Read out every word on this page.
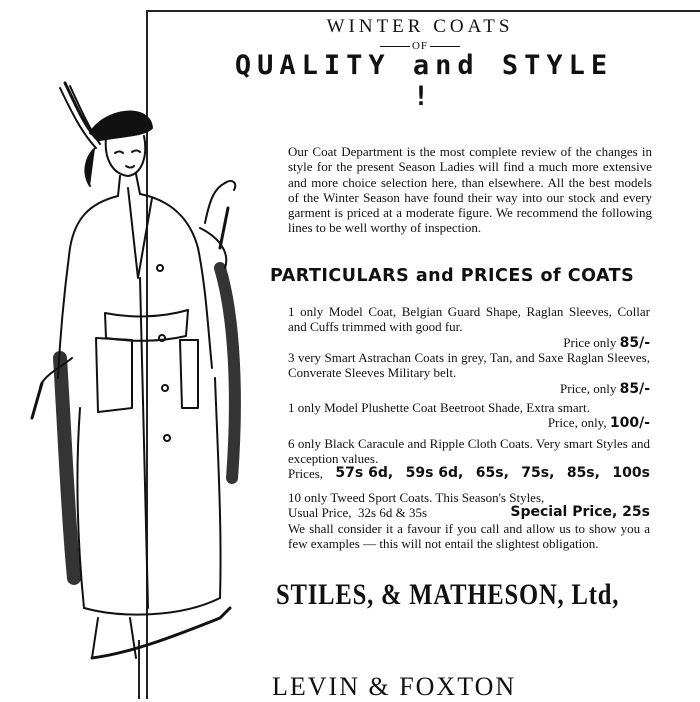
WINTER COATS
OF
QUALITY and STYLE !
Our Coat Department is the most complete review of the changes in style for the present Season Ladies will find a much more extensive and more choice selection here, than elsewhere. All the best models of the Winter Season have found their way into our stock and every garment is priced at a moderate figure. We recommend the following lines to be well worthy of inspection.
PARTICULARS and PRICES of COATS
1 only Model Coat, Belgian Guard Shape, Raglan Sleeves, Collar and Cuffs trimmed with good fur.
Price only 85/-
3 very Smart Astrachan Coats in grey, Tan, and Saxe Raglan Sleeves, Converate Sleeves Military belt.
Price, only 85/-
1 only Model Plushette Coat Beetroot Shade, Extra smart.
Price, only, 100/-
6 only Black Caracule and Ripple Cloth Coats. Very smart Styles and exception values.
Prices, 57s 6d, 59s 6d, 65s, 75s, 85s, 100s
10 only Tweed Sport Coats. This Season's Styles,
Usual Price, 32s 6d & 35s	Special Price, 25s

We shall consider it a favour if you call and allow us to show you a few examples — this will not entail the slightest obligation.
STILES, & MATHESON, Ltd,
LEVIN & FOXTON
